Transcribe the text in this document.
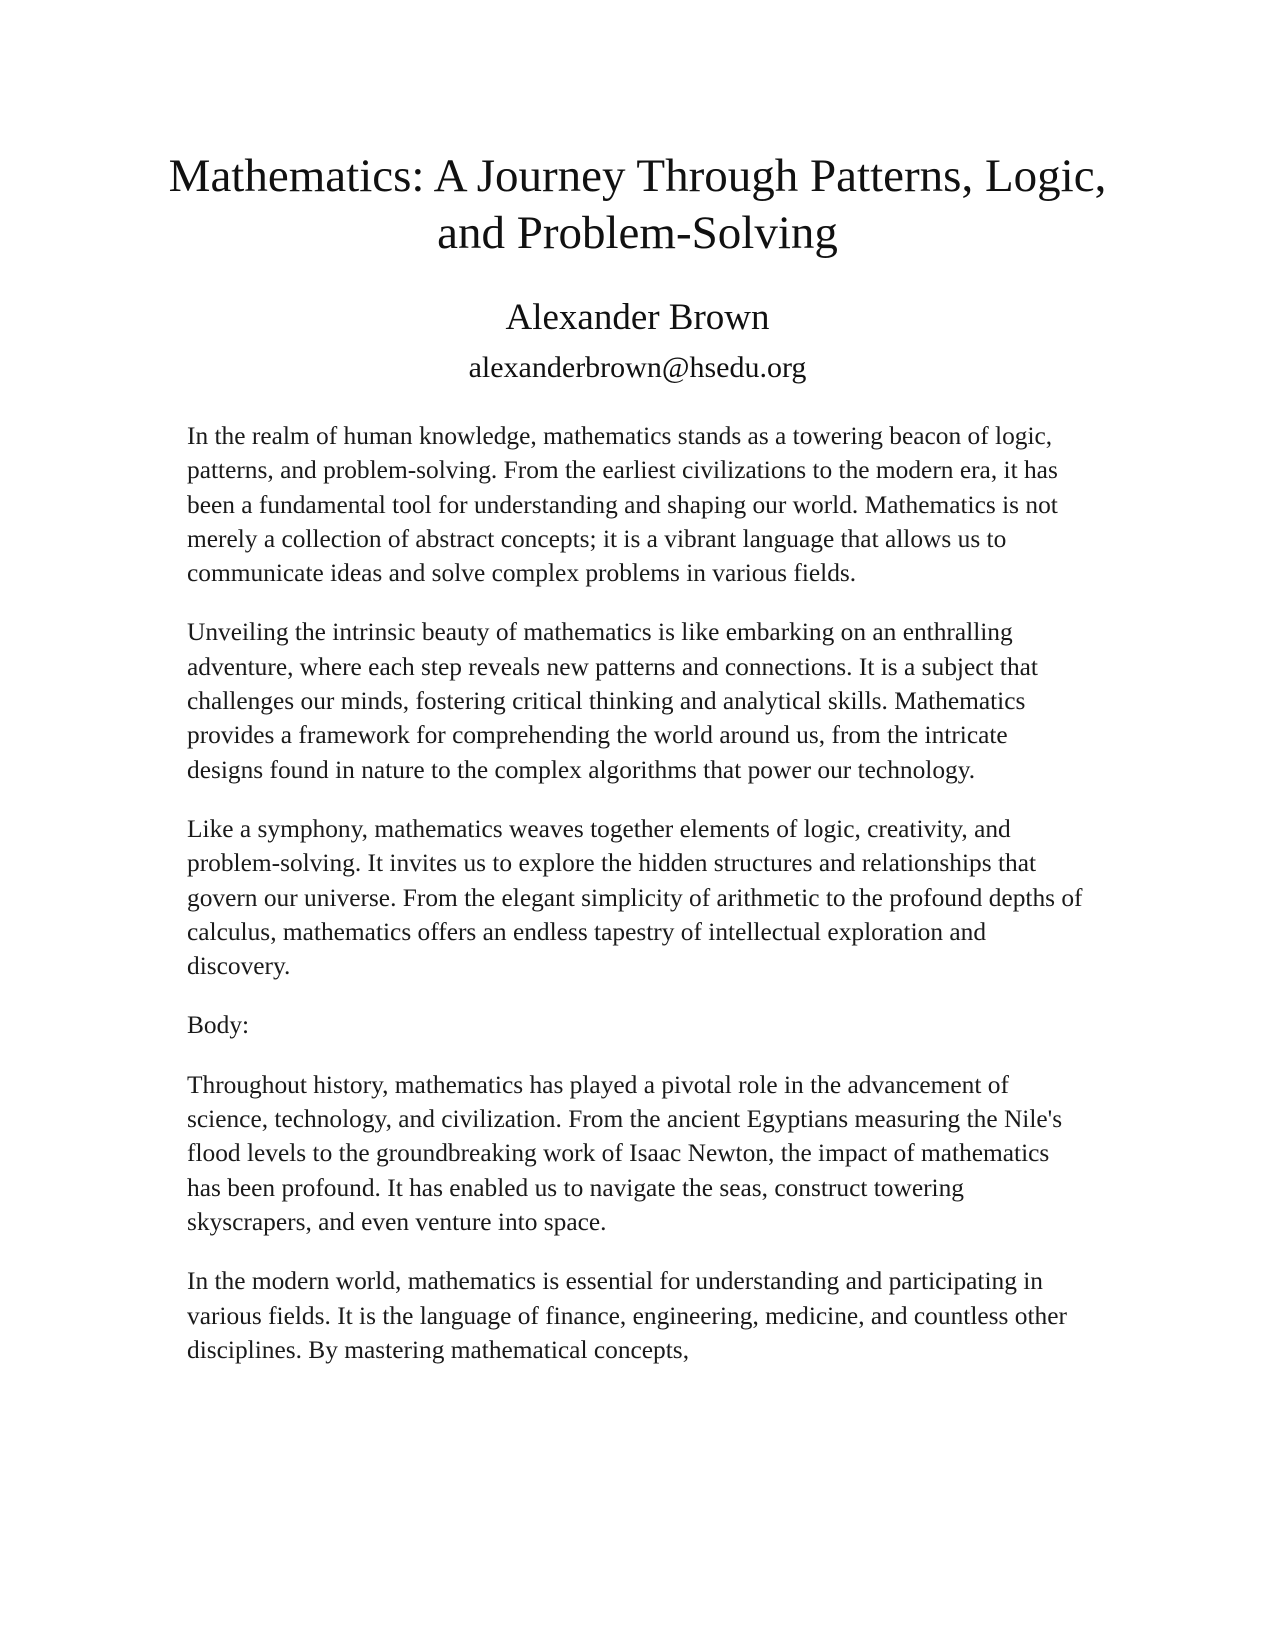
Mathematics: A Journey Through Patterns, Logic, and Problem-Solving
Alexander Brown
alexanderbrown@hsedu.org

In the realm of human knowledge, mathematics stands as a towering beacon of logic, patterns, and problem-solving. From the earliest civilizations to the modern era, it has been a fundamental tool for understanding and shaping our world. Mathematics is not merely a collection of abstract concepts; it is a vibrant language that allows us to communicate ideas and solve complex problems in various fields.

Unveiling the intrinsic beauty of mathematics is like embarking on an enthralling adventure, where each step reveals new patterns and connections. It is a subject that challenges our minds, fostering critical thinking and analytical skills. Mathematics provides a framework for comprehending the world around us, from the intricate designs found in nature to the complex algorithms that power our technology.

Like a symphony, mathematics weaves together elements of logic, creativity, and problem-solving. It invites us to explore the hidden structures and relationships that govern our universe. From the elegant simplicity of arithmetic to the profound depths of calculus, mathematics offers an endless tapestry of intellectual exploration and discovery.

Body:

Throughout history, mathematics has played a pivotal role in the advancement of science, technology, and civilization. From the ancient Egyptians measuring the Nile's flood levels to the groundbreaking work of Isaac Newton, the impact of mathematics has been profound. It has enabled us to navigate the seas, construct towering skyscrapers, and even venture into space.

In the modern world, mathematics is essential for understanding and participating in various fields. It is the language of finance, engineering, medicine, and countless other disciplines. By mastering mathematical concepts,
